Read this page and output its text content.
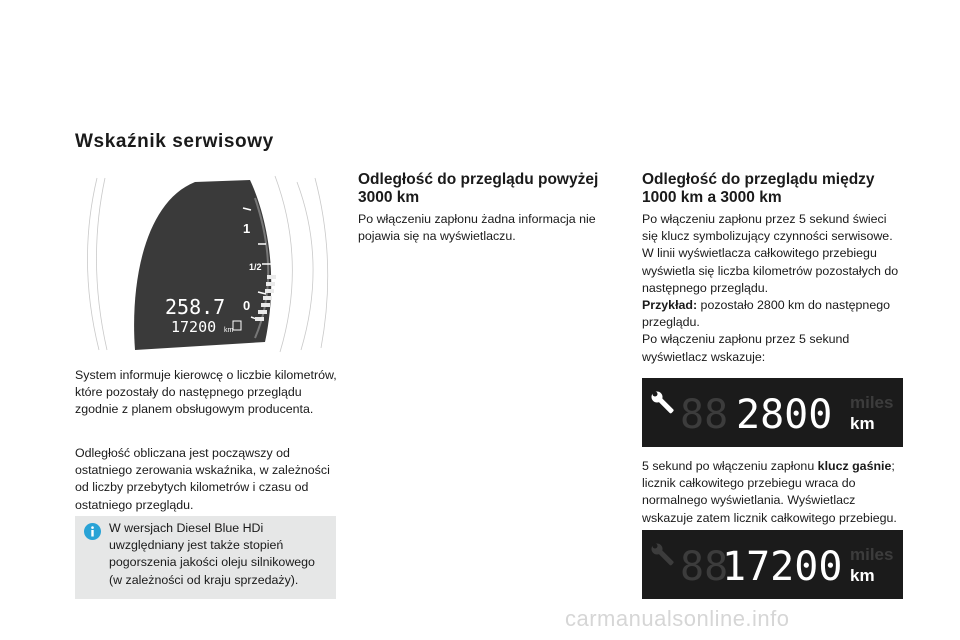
Wskaźnik serwisowy
1
1/2
0
258.7
17200 km

System informuje kierowcę o liczbie kilometrów, które pozostały do następnego przeglądu zgodnie z planem obsługowym producenta.

Odległość obliczana jest począwszy od ostatniego zerowania wskaźnika, w zależności od liczby przebytych kilometrów i czasu od ostatniego przeglądu.

W wersjach Diesel Blue HDi uwzględniany jest także stopień pogorszenia jakości oleju silnikowego (w zależności od kraju sprzedaży).
Odległość do przeglądu powyżej 3000 km

Po włączeniu zapłonu żadna informacja nie pojawia się na wyświetlaczu.

Odległość do przeglądu między 1000 km a 3000 km

Po włączeniu zapłonu przez 5 sekund świeci się klucz symbolizujący czynności serwisowe. W linii wyświetlacza całkowitego przebiegu wyświetla się liczba kilometrów pozostałych do następnego przeglądu.
Przykład: pozostało 2800 km do następnego przeglądu.
Po włączeniu zapłonu przez 5 sekund wyświetlacz wskazuje:

88 2800 miles
km

5 sekund po włączeniu zapłonu klucz gaśnie; licznik całkowitego przebiegu wraca do normalnego wyświetlania. Wyświetlacz wskazuje zatem licznik całkowitego przebiegu.

88
17200 miles
km
carmanualsonline.info
